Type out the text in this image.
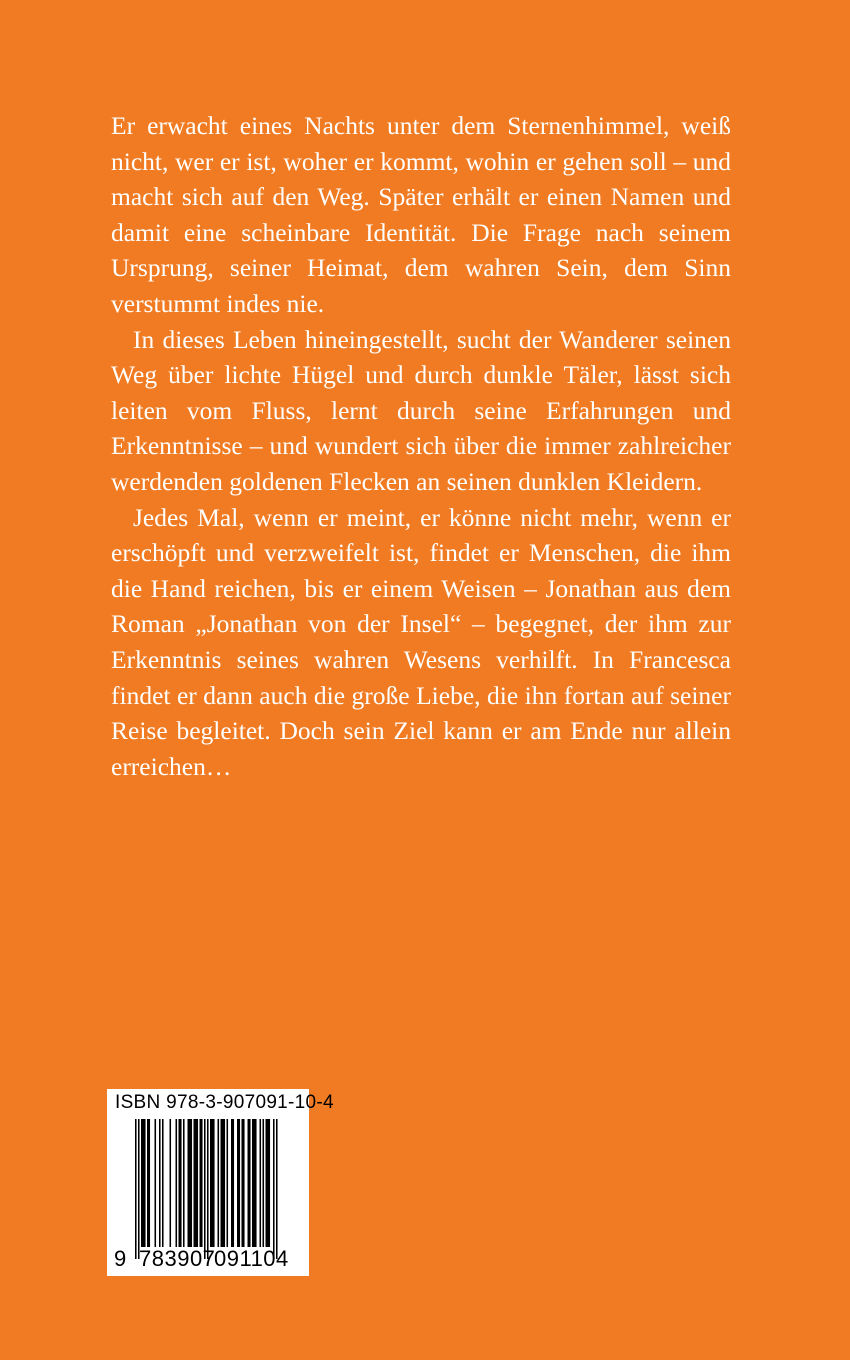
Er erwacht eines Nachts unter dem Sternenhimmel, weiß nicht, wer er ist, woher er kommt, wohin er gehen soll – und macht sich auf den Weg. Später erhält er einen Namen und damit eine scheinbare Identität. Die Frage nach seinem Ursprung, seiner Heimat, dem wahren Sein, dem Sinn verstummt indes nie.

In dieses Leben hineingestellt, sucht der Wanderer seinen Weg über lichte Hügel und durch dunkle Täler, lässt sich leiten vom Fluss, lernt durch seine Erfahrungen und Erkenntnisse – und wundert sich über die immer zahlreicher werdenden goldenen Flecken an seinen dunklen Kleidern.

Jedes Mal, wenn er meint, er könne nicht mehr, wenn er erschöpft und verzweifelt ist, findet er Menschen, die ihm die Hand reichen, bis er einem Weisen – Jonathan aus dem Roman „Jonathan von der Insel“ – begegnet, der ihm zur Erkenntnis seines wahren Wesens verhilft. In Francesca findet er dann auch die große Liebe, die ihn fortan auf seiner Reise begleitet. Doch sein Ziel kann er am Ende nur allein erreichen…

ISBN 978-3-907091-10-4
9 783907
091104
